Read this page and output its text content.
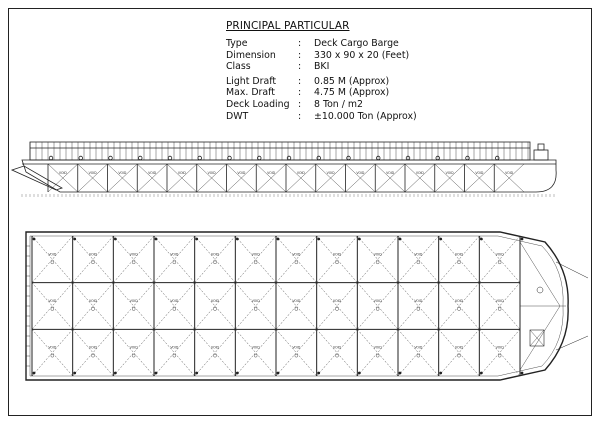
PRINCIPAL PARTICULAR
Type	:	Deck Cargo Barge
Dimension	:	330 x 90 x 20 (Feet)
Class	:	BKI
Light Draft	:	0.85 M (Approx)
Max. Draft	:	4.75 M (Approx)
Deck Loading :	8 Ton / m2
DWT	:	±10.000 Ton (Approx)
VOID	VOID	VOID	VOID	VOID	VOID	VOID	VOID	VOID	VOID	VOID	VOID	VOID	VOID	VOID	VOID
VOID
VOID
VOID
VOID
VOID
VOID
VOID
VOID
VOID
VOID
VOID
VOID
VOID
VOID
VOID
VOID
VOID
VOID
VOID
VOID
VOID
VOID
VOID
VOID
VOID
VOID
VOID
VOID
VOID
VOID
VOID
VOID
VOID
VOID
VOID
VOID
